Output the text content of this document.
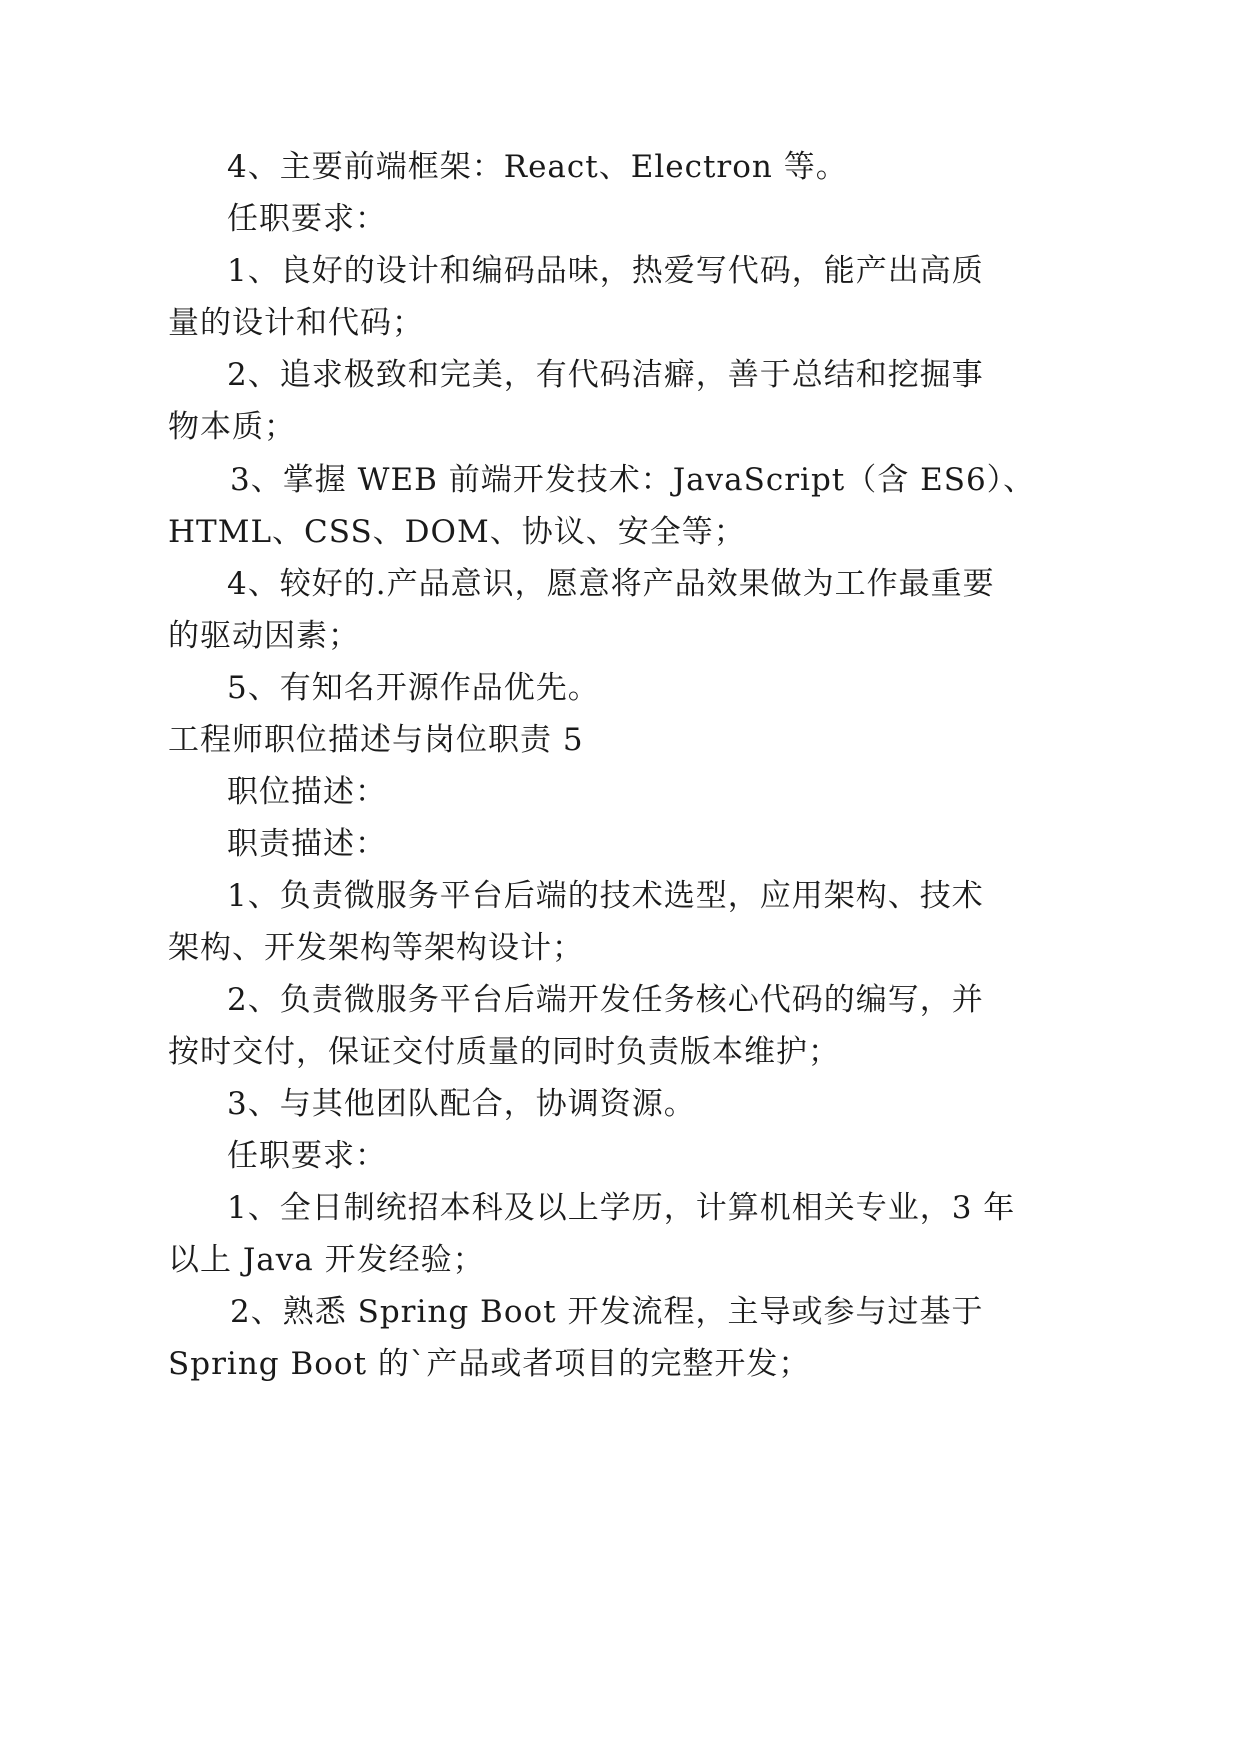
4、主要前端框架：React、Electron 等。
任职要求：
1、良好的设计和编码品味，热爱写代码，能产出高质
量的设计和代码；
2、追求极致和完美，有代码洁癖，善于总结和挖掘事
物本质；
3、掌握 WEB 前端开发技术：JavaScript（含 ES6）、
HTML、CSS、DOM、协议、安全等；
4、较好的.产品意识，愿意将产品效果做为工作最重要
的驱动因素；
5、有知名开源作品优先。
工程师职位描述与岗位职责 5
职位描述：
职责描述：
1、负责微服务平台后端的技术选型，应用架构、技术
架构、开发架构等架构设计；
2、负责微服务平台后端开发任务核心代码的编写，并
按时交付，保证交付质量的同时负责版本维护；
3、与其他团队配合，协调资源。
任职要求：
1、全日制统招本科及以上学历，计算机相关专业，3 年
以上 Java 开发经验；
2、熟悉 Spring Boot 开发流程，主导或参与过基于
Spring Boot 的`产品或者项目的完整开发；
